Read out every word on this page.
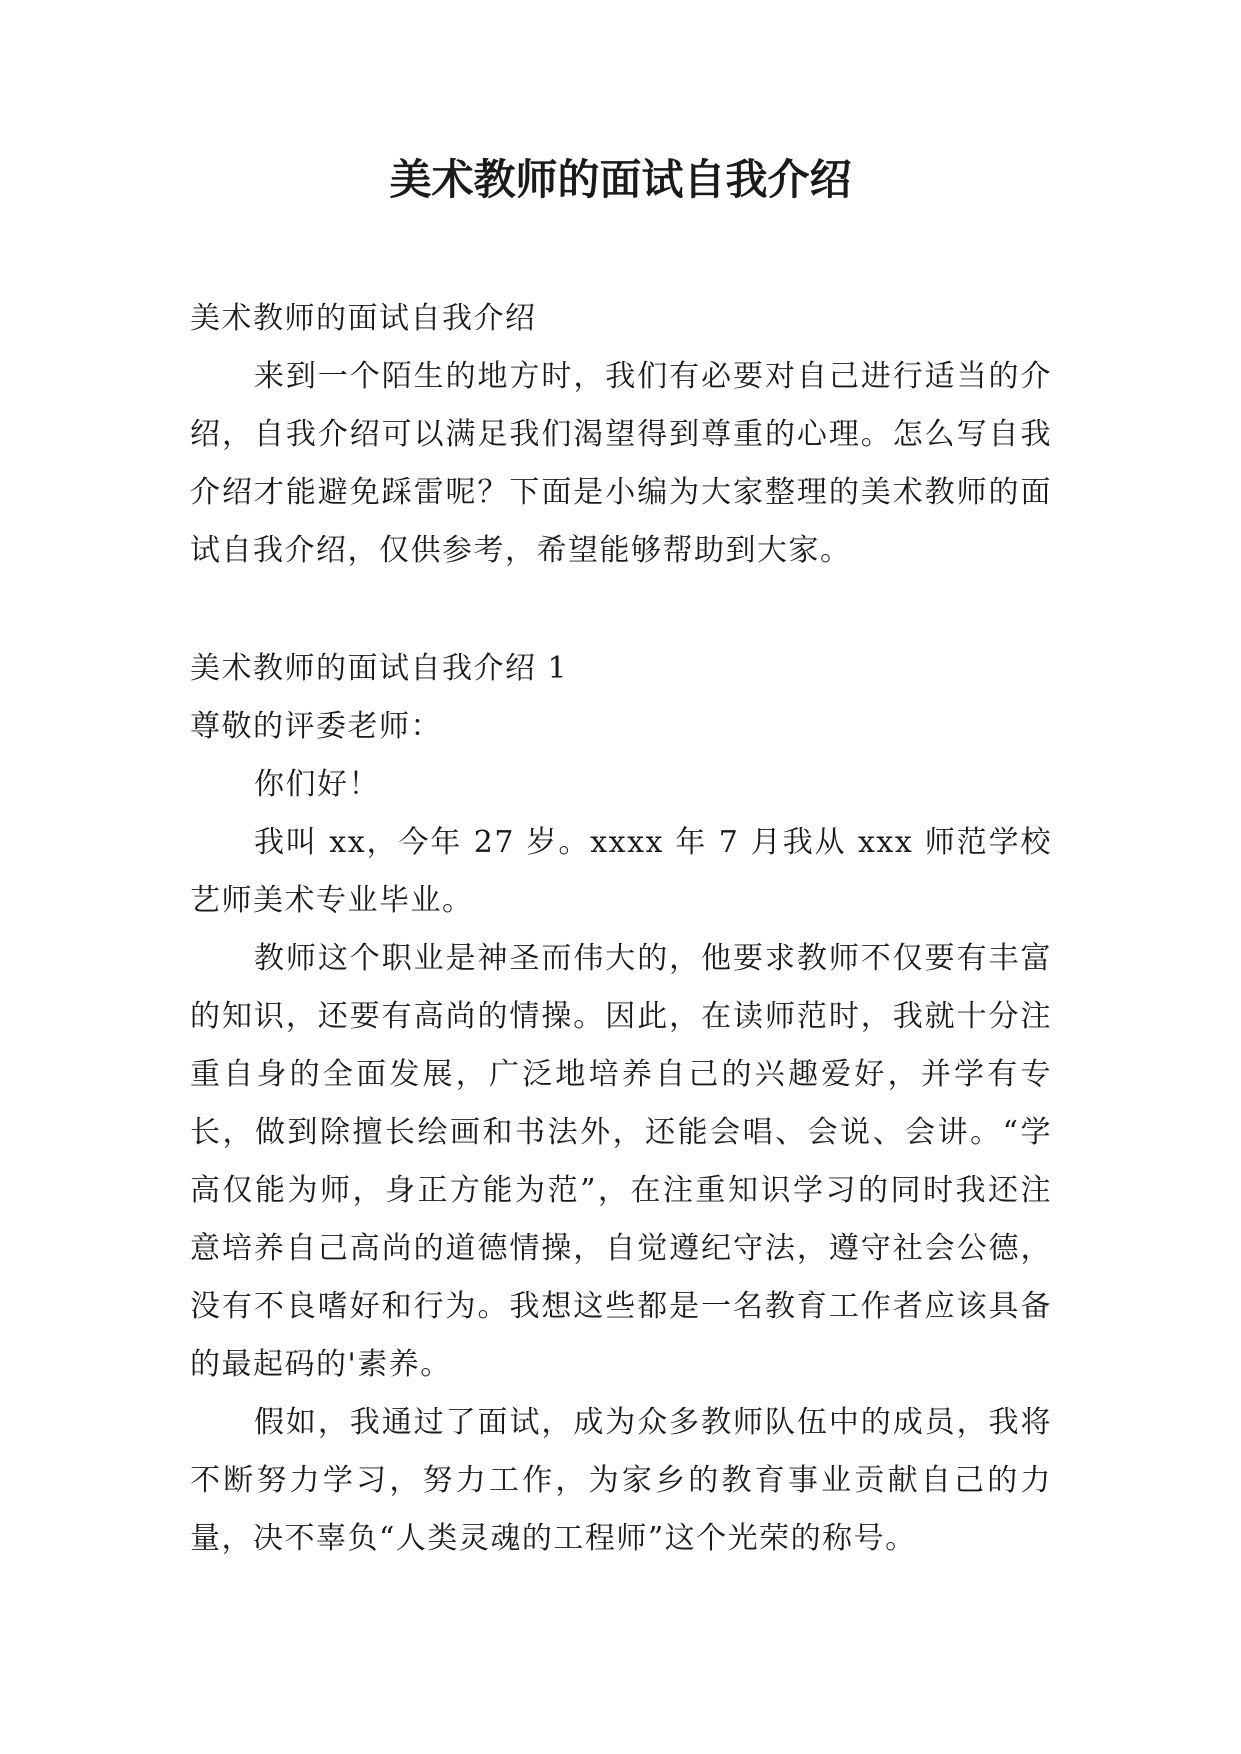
美术教师的面试自我介绍

美术教师的面试自我介绍

来到一个陌生的地方时，我们有必要对自己进行适当的介绍，自我介绍可以满足我们渴望得到尊重的心理。怎么写自我介绍才能避免踩雷呢？下面是小编为大家整理的美术教师的面试自我介绍，仅供参考，希望能够帮助到大家。

美术教师的面试自我介绍 1

尊敬的评委老师：

你们好！

我叫 xx，今年 27 岁。xxxx 年 7 月我从 xxx 师范学校艺师美术专业毕业。

教师这个职业是神圣而伟大的，他要求教师不仅要有丰富的知识，还要有高尚的情操。因此，在读师范时，我就十分注重自身的全面发展，广泛地培养自己的兴趣爱好，并学有专长，做到除擅长绘画和书法外，还能会唱、会说、会讲。“学高仅能为师，身正方能为范”，在注重知识学习的同时我还注意培养自己高尚的道德情操，自觉遵纪守法，遵守社会公德，没有不良嗜好和行为。我想这些都是一名教育工作者应该具备的最起码的'素养。

假如，我通过了面试，成为众多教师队伍中的成员，我将不断努力学习，努力工作，为家乡的教育事业贡献自己的力量，决不辜负“人类灵魂的工程师”这个光荣的称号。
